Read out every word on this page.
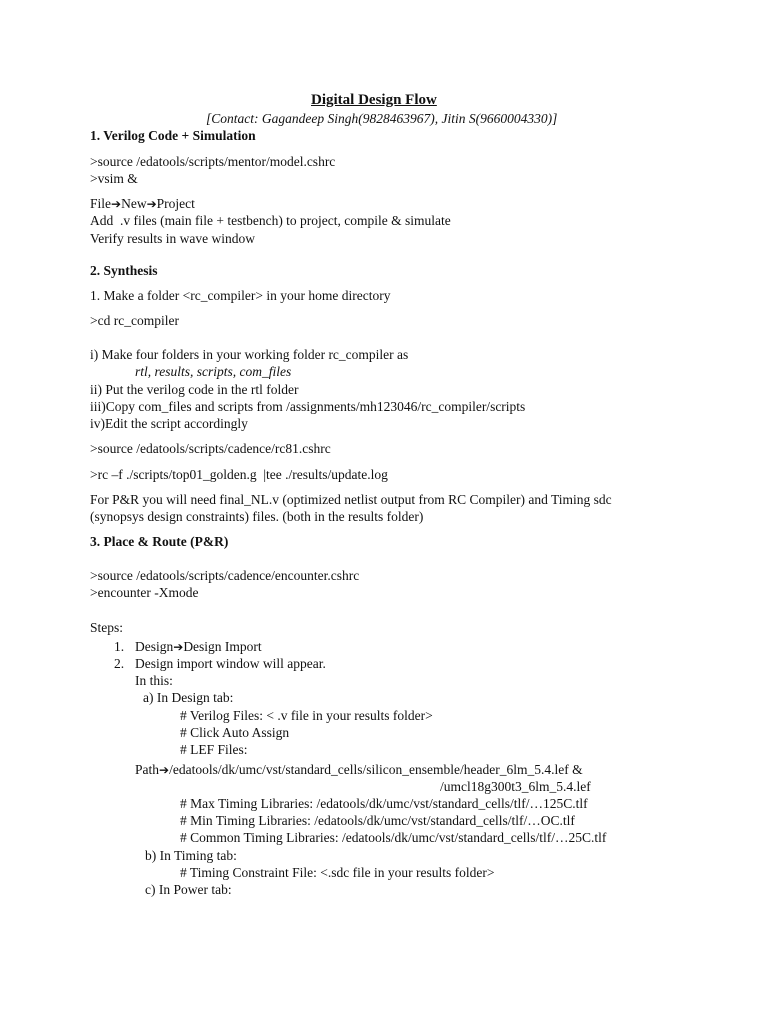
Digital Design Flow
[Contact: Gagandeep Singh(9828463967), Jitin S(9660004330)]
1. Verilog Code + Simulation
>source /edatools/scripts/mentor/model.cshrc
>vsim &
File➔New➔Project
Add  .v files (main file + testbench) to project, compile & simulate
Verify results in wave window
2. Synthesis
1. Make a folder <rc_compiler> in your home directory
>cd rc_compiler
i) Make four folders in your working folder rc_compiler as
rtl, results, scripts, com_files
ii) Put the verilog code in the rtl folder
iii)Copy com_files and scripts from /assignments/mh123046/rc_compiler/scripts
iv)Edit the script accordingly
>source /edatools/scripts/cadence/rc81.cshrc
>rc –f ./scripts/top01_golden.g  |tee ./results/update.log
For P&R you will need final_NL.v (optimized netlist output from RC Compiler) and Timing sdc
(synopsys design constraints) files. (both in the results folder)
3. Place & Route (P&R)
>source /edatools/scripts/cadence/encounter.cshrc
>encounter -Xmode
Steps:
1. Design➔Design Import
2. Design import window will appear.
In this:
a) In Design tab:
# Verilog Files: < .v file in your results folder>
# Click Auto Assign
# LEF Files:
Path➔/edatools/dk/umc/vst/standard_cells/silicon_ensemble/header_6lm_5.4.lef &
/umcl18g300t3_6lm_5.4.lef
# Max Timing Libraries: /edatools/dk/umc/vst/standard_cells/tlf/…125C.tlf
# Min Timing Libraries: /edatools/dk/umc/vst/standard_cells/tlf/…OC.tlf
# Common Timing Libraries: /edatools/dk/umc/vst/standard_cells/tlf/…25C.tlf
b) In Timing tab:
# Timing Constraint File: <.sdc file in your results folder>
c) In Power tab:
